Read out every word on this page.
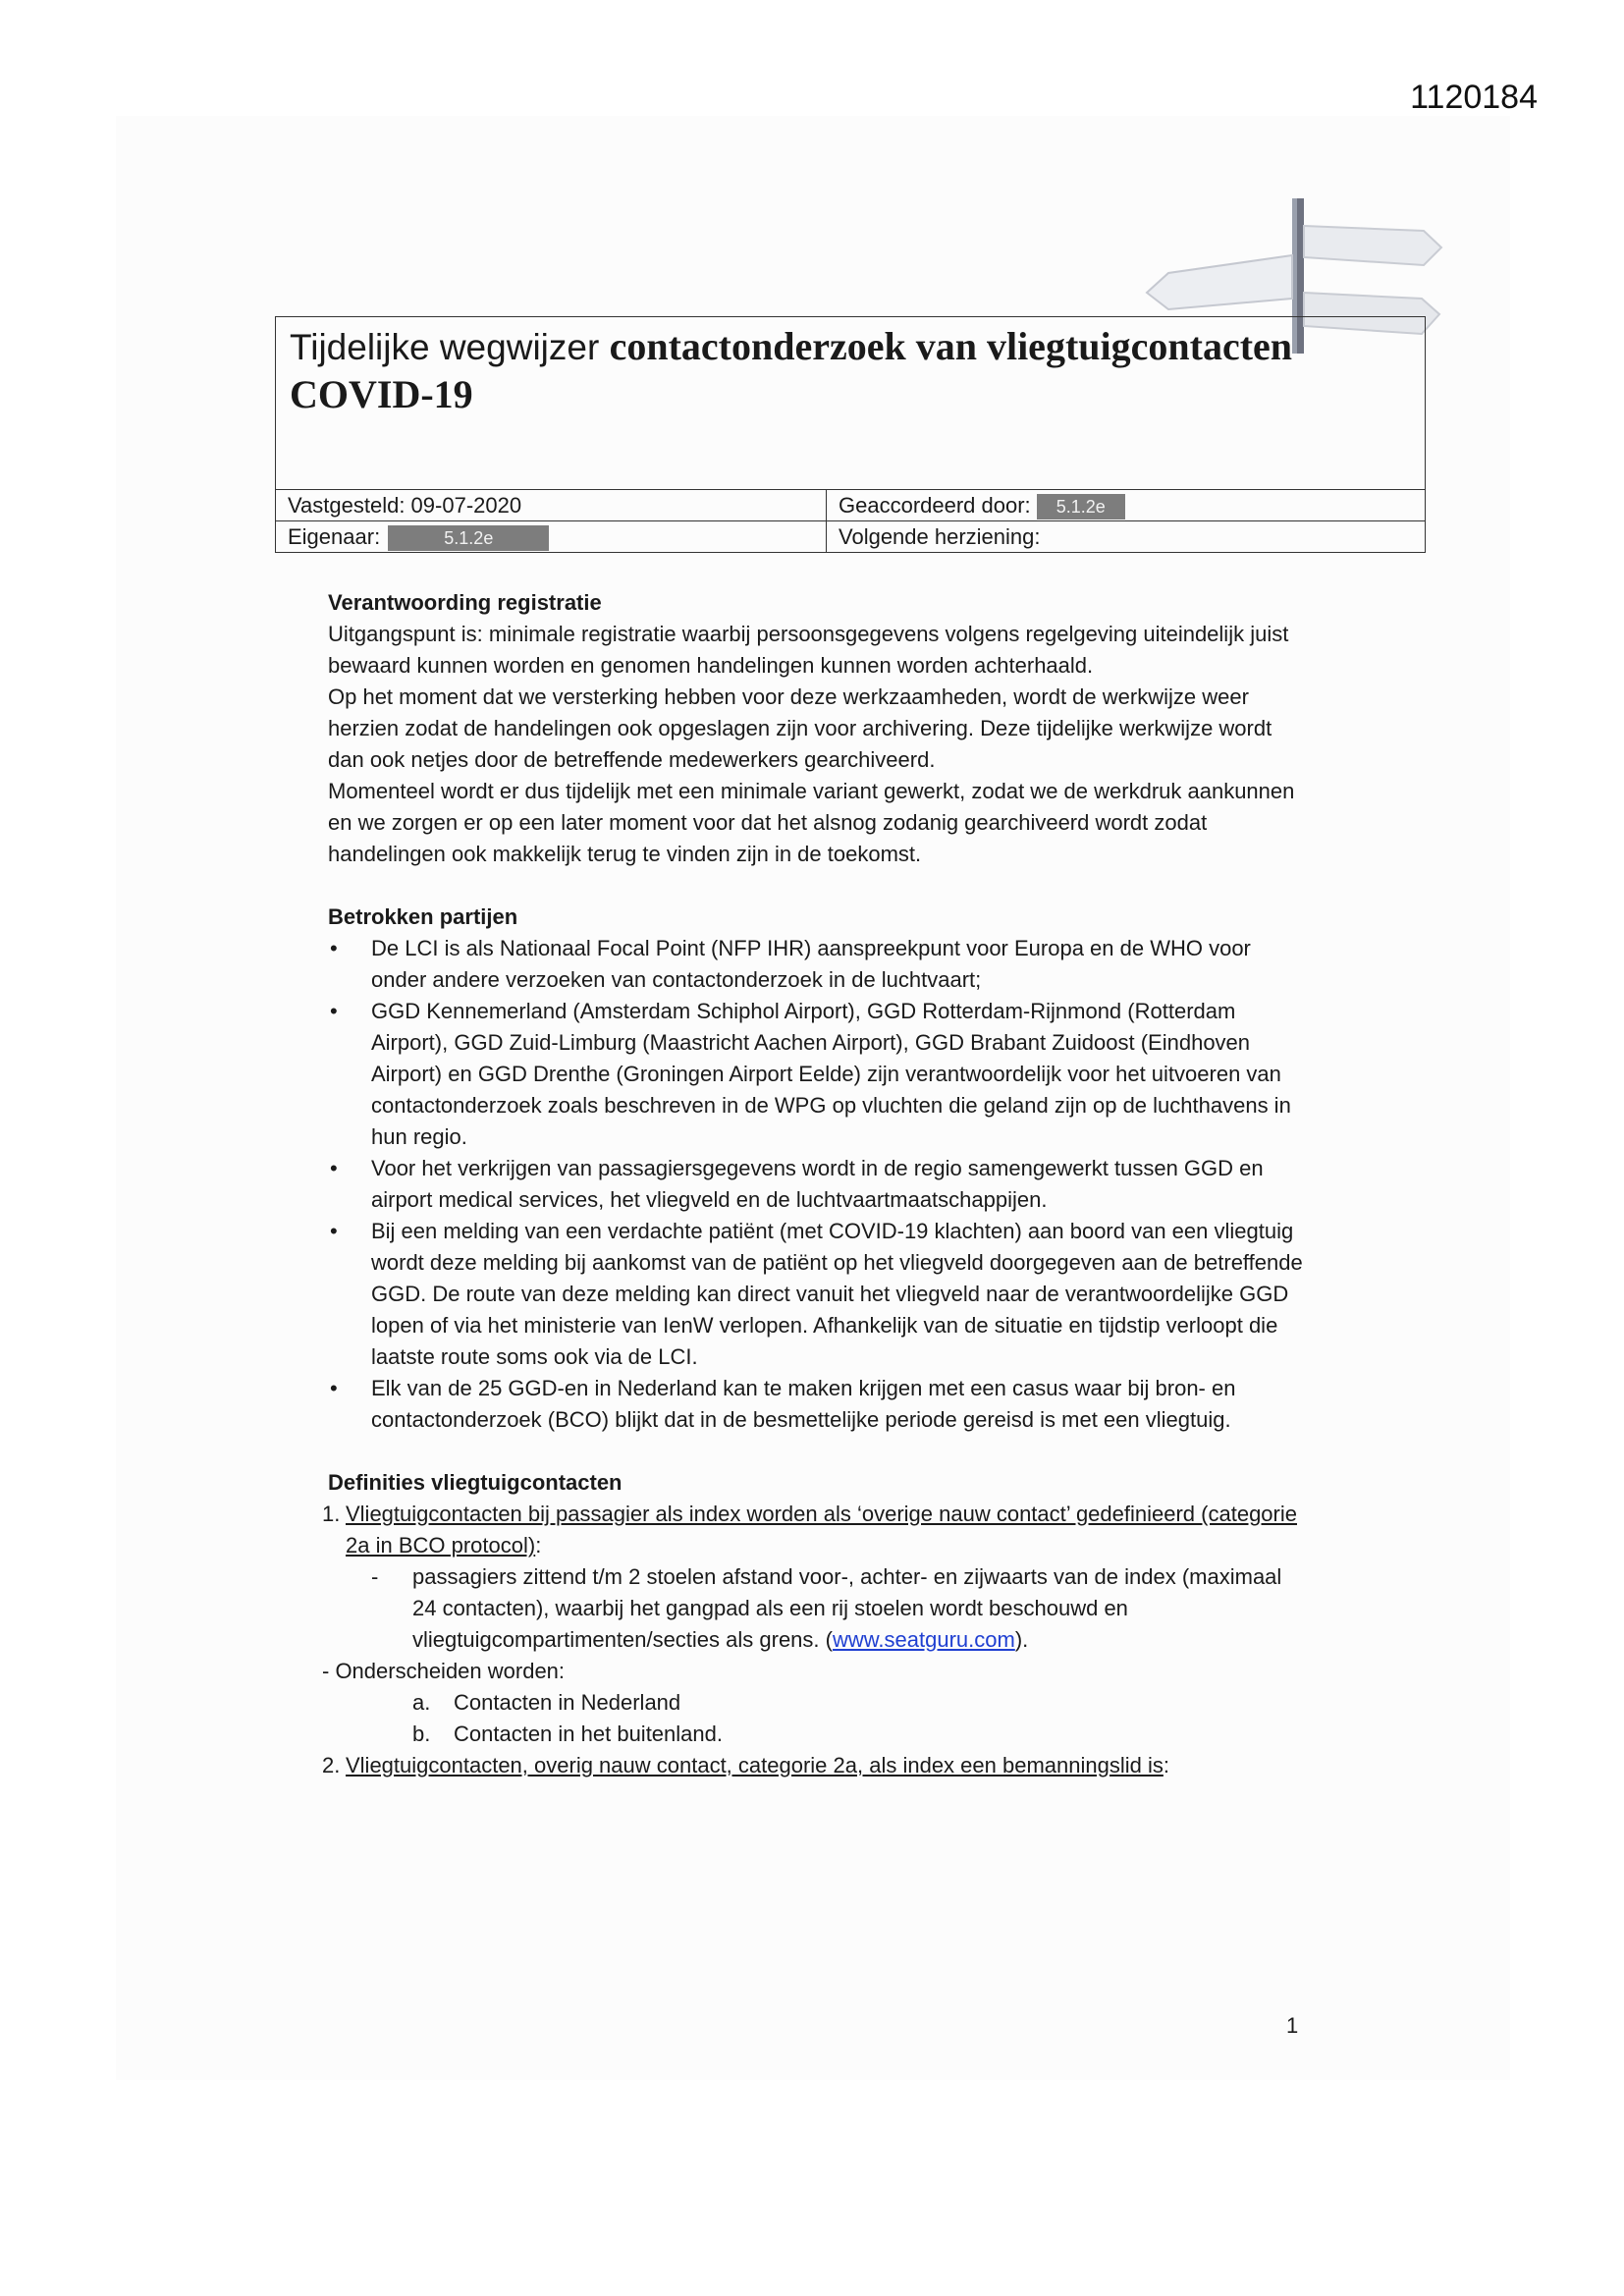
1120184
Tijdelijke wegwijzer contactonderzoek van vliegtuigcontacten
COVID-19
Vastgesteld: 09-07-2020	Geaccordeerd door: 5.1.2e
Eigenaar: 5.1.2e	Volgende herziening:
Verantwoording registratie

Uitgangspunt is: minimale registratie waarbij persoonsgegevens volgens regelgeving uiteindelijk juist bewaard kunnen worden en genomen handelingen kunnen worden achterhaald.

Op het moment dat we versterking hebben voor deze werkzaamheden, wordt de werkwijze weer herzien zodat de handelingen ook opgeslagen zijn voor archivering. Deze tijdelijke werkwijze wordt dan ook netjes door de betreffende medewerkers gearchiveerd.

Momenteel wordt er dus tijdelijk met een minimale variant gewerkt, zodat we de werkdruk aankunnen en we zorgen er op een later moment voor dat het alsnog zodanig gearchiveerd wordt zodat handelingen ook makkelijk terug te vinden zijn in de toekomst.

Betrokken partijen
• De LCI is als Nationaal Focal Point (NFP IHR) aanspreekpunt voor Europa en de WHO voor onder andere verzoeken van contactonderzoek in de luchtvaart;
• GGD Kennemerland (Amsterdam Schiphol Airport), GGD Rotterdam-Rijnmond (Rotterdam Airport), GGD Zuid-Limburg (Maastricht Aachen Airport), GGD Brabant Zuidoost (Eindhoven Airport) en GGD Drenthe (Groningen Airport Eelde) zijn verantwoordelijk voor het uitvoeren van contactonderzoek zoals beschreven in de WPG op vluchten die geland zijn op de luchthavens in hun regio.
• Voor het verkrijgen van passagiersgegevens wordt in de regio samengewerkt tussen GGD en airport medical services, het vliegveld en de luchtvaartmaatschappijen.
• Bij een melding van een verdachte patiënt (met COVID-19 klachten) aan boord van een vliegtuig wordt deze melding bij aankomst van de patiënt op het vliegveld doorgegeven aan de betreffende GGD. De route van deze melding kan direct vanuit het vliegveld naar de verantwoordelijke GGD lopen of via het ministerie van IenW verlopen. Afhankelijk van de situatie en tijdstip verloopt die laatste route soms ook via de LCI.
• Elk van de 25 GGD-en in Nederland kan te maken krijgen met een casus waar bij bron- en contactonderzoek (BCO) blijkt dat in de besmettelijke periode gereisd is met een vliegtuig.
Definities vliegtuigcontacten
1. Vliegtuigcontacten bij passagier als index worden als ‘overige nauw contact’ gedefinieerd (categorie 2a in BCO protocol):
- passagiers zittend t/m 2 stoelen afstand voor-, achter- en zijwaarts van de index (maximaal 24 contacten), waarbij het gangpad als een rij stoelen wordt beschouwd en vliegtuigcompartimenten/secties als grens. (www.seatguru.com).
- Onderscheiden worden:
a. Contacten in Nederland
b. Contacten in het buitenland.
2. Vliegtuigcontacten, overig nauw contact, categorie 2a, als index een bemanningslid is:
1
